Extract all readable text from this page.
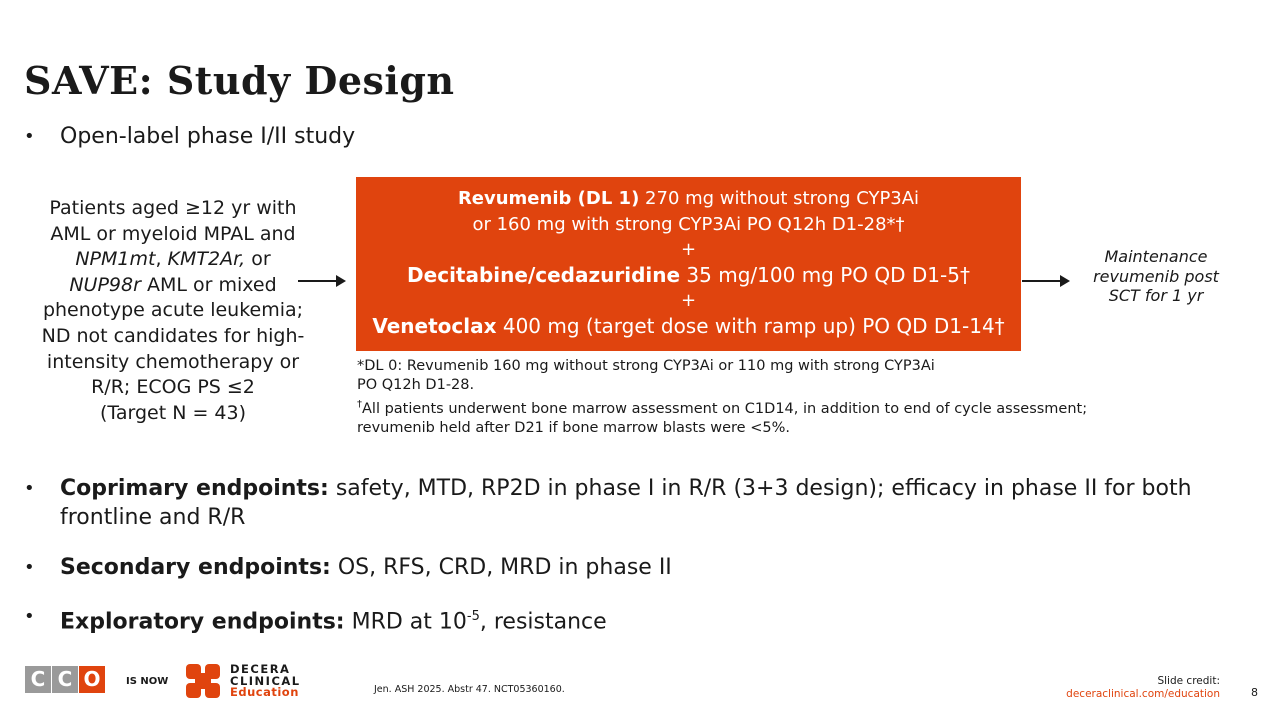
SAVE: Study Design
•	Open-label phase I/II study
Patients aged ≥12 yr with AML or myeloid MPAL and NPM1mt, KMT2Ar, or NUP98r AML or mixed phenotype acute leukemia; ND not candidates for high-intensity chemotherapy or R/R; ECOG PS ≤2
(Target N = 43)
Revumenib (DL 1) 270 mg without strong CYP3Ai
or 160 mg with strong CYP3Ai PO Q12h D1-28*†
+
Decitabine/cedazuridine 35 mg/100 mg PO QD D1-5†
+
Venetoclax 400 mg (target dose with ramp up) PO QD D1-14†
Maintenance revumenib post SCT for 1 yr
*DL 0: Revumenib 160 mg without strong CYP3Ai or 110 mg with strong CYP3Ai
PO Q12h D1-28.
†All patients underwent bone marrow assessment on C1D14, in addition to end of cycle assessment;
revumenib held after D21 if bone marrow blasts were <5%.
•	Coprimary endpoints: safety, MTD, RP2D in phase I in R/R (3+3 design); efficacy in phase II for both frontline and R/R
•	Secondary endpoints: OS, RFS, CRD, MRD in phase II
•	Exploratory endpoints: MRD at $10^{-5}$, resistance
C C O	IS NOW
DECERA
CLINICAL
Education	Jen. ASH 2025. Abstr 47. NCT05360160.
Slide credit:
deceraclinical.com/education	8
